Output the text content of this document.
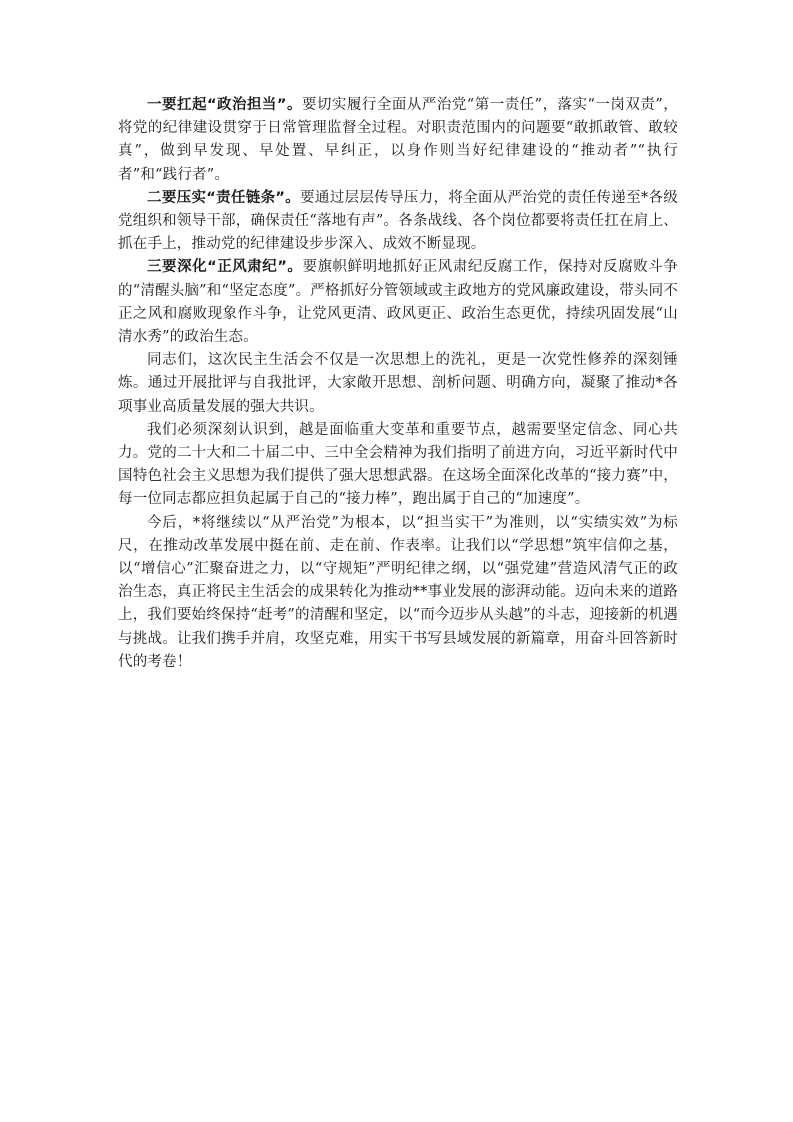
一要扛起“政治担当”。要切实履行全面从严治党“第一责任”，落实“一岗双责”，将党的纪律建设贯穿于日常管理监督全过程。对职责范围内的问题要“敢抓敢管、敢较真”，做到早发现、早处置、早纠正，以身作则当好纪律建设的“推动者”“执行者”和“践行者”。

二要压实“责任链条”。要通过层层传导压力，将全面从严治党的责任传递至*各级党组织和领导干部，确保责任“落地有声”。各条战线、各个岗位都要将责任扛在肩上、抓在手上，推动党的纪律建设步步深入、成效不断显现。

三要深化“正风肃纪”。要旗帜鲜明地抓好正风肃纪反腐工作，保持对反腐败斗争的“清醒头脑”和“坚定态度”。严格抓好分管领域或主政地方的党风廉政建设，带头同不正之风和腐败现象作斗争，让党风更清、政风更正、政治生态更优，持续巩固发展“山清水秀”的政治生态。

同志们，这次民主生活会不仅是一次思想上的洗礼，更是一次党性修养的深刻锤炼。通过开展批评与自我批评，大家敞开思想、剖析问题、明确方向，凝聚了推动*各项事业高质量发展的强大共识。

我们必须深刻认识到，越是面临重大变革和重要节点，越需要坚定信念、同心共力。党的二十大和二十届二中、三中全会精神为我们指明了前进方向，习近平新时代中国特色社会主义思想为我们提供了强大思想武器。在这场全面深化改革的“接力赛”中，每一位同志都应担负起属于自己的“接力棒”，跑出属于自己的“加速度”。

今后，*将继续以“从严治党”为根本，以“担当实干”为准则，以“实绩实效”为标尺，在推动改革发展中挺在前、走在前、作表率。让我们以“学思想”筑牢信仰之基，以“增信心”汇聚奋进之力，以“守规矩”严明纪律之纲，以“强党建”营造风清气正的政治生态，真正将民主生活会的成果转化为推动**事业发展的澎湃动能。迈向未来的道路上，我们要始终保持“赶考”的清醒和坚定，以“而今迈步从头越”的斗志，迎接新的机遇与挑战。让我们携手并肩，攻坚克难，用实干书写县域发展的新篇章，用奋斗回答新时代的考卷！
